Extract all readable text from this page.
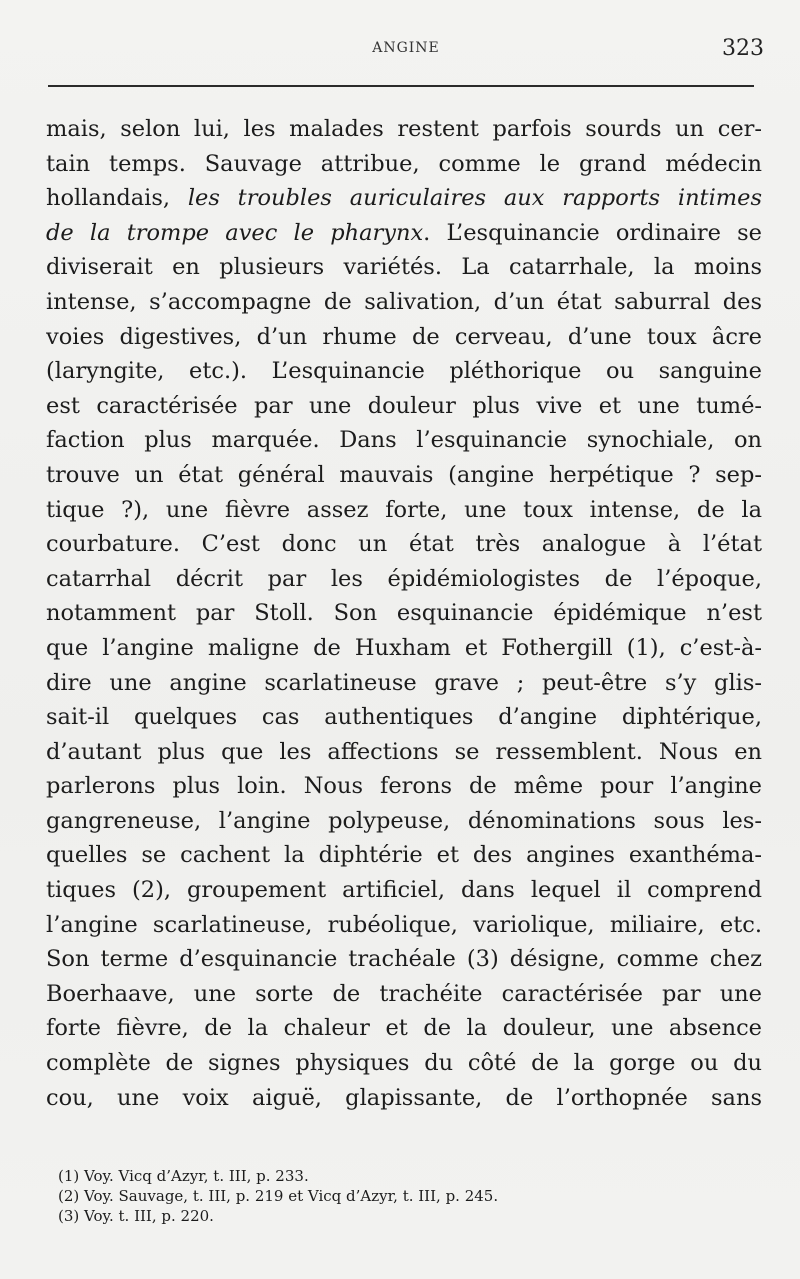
ANGINE	323
mais, selon lui, les malades restent parfois sourds un cer-
tain temps. Sauvage attribue, comme le grand médecin
hollandais, les troubles auriculaires aux rapports intimes
de la trompe avec le pharynx. L’esquinancie ordinaire se
diviserait en plusieurs variétés. La catarrhale, la moins
intense, s’accompagne de salivation, d’un état saburral des
voies digestives, d’un rhume de cerveau, d’une toux âcre
(laryngite, etc.). L’esquinancie pléthorique ou sanguine
est caractérisée par une douleur plus vive et une tumé-
faction plus marquée. Dans l’esquinancie synochiale, on
trouve un état général mauvais (angine herpétique ? sep-
tique ?), une fièvre assez forte, une toux intense, de la
courbature. C’est donc un état très analogue à l’état
catarrhal décrit par les épidémiologistes de l’époque,
notamment par Stoll. Son esquinancie épidémique n’est
que l’angine maligne de Huxham et Fothergill (1), c’est-à-
dire une angine scarlatineuse grave ; peut-être s’y glis-
sait-il quelques cas authentiques d’angine diphtérique,
d’autant plus que les affections se ressemblent. Nous en
parlerons plus loin. Nous ferons de même pour l’angine
gangreneuse, l’angine polypeuse, dénominations sous les-
quelles se cachent la diphtérie et des angines exanthéma-
tiques (2), groupement artificiel, dans lequel il comprend
l’angine scarlatineuse, rubéolique, variolique, miliaire, etc.
Son terme d’esquinancie trachéale (3) désigne, comme chez
Boerhaave, une sorte de trachéite caractérisée par une
forte fièvre, de la chaleur et de la douleur, une absence
complète de signes physiques du côté de la gorge ou du
cou, une voix aiguë, glapissante, de l’orthopnée sans
(1) Voy. Vicq d’Azyr, t. III, p. 233.
(2) Voy. Sauvage, t. III, p. 219 et Vicq d’Azyr, t. III, p. 245.
(3) Voy. t. III, p. 220.
